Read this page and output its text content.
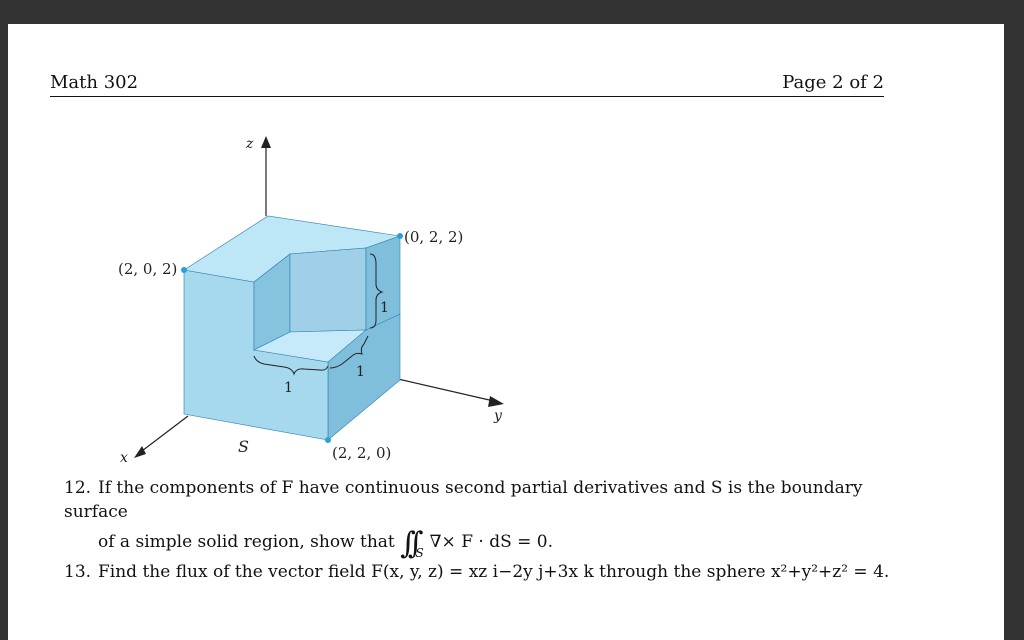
Math 302	Page 2 of 2
z
y
x
1
1
1
(2, 0, 2)
(0, 2, 2)
(2, 2, 0)
S
12. If the components of F have continuous second partial derivatives and S is the boundary surface
of a simple solid region, show that $\int\int_S\nabla\times F$ · dS = 0.
13. Find the flux of the vector field F(x, y, z) = xz i−2y j+3x k through the sphere x²+y²+z² = 4.
